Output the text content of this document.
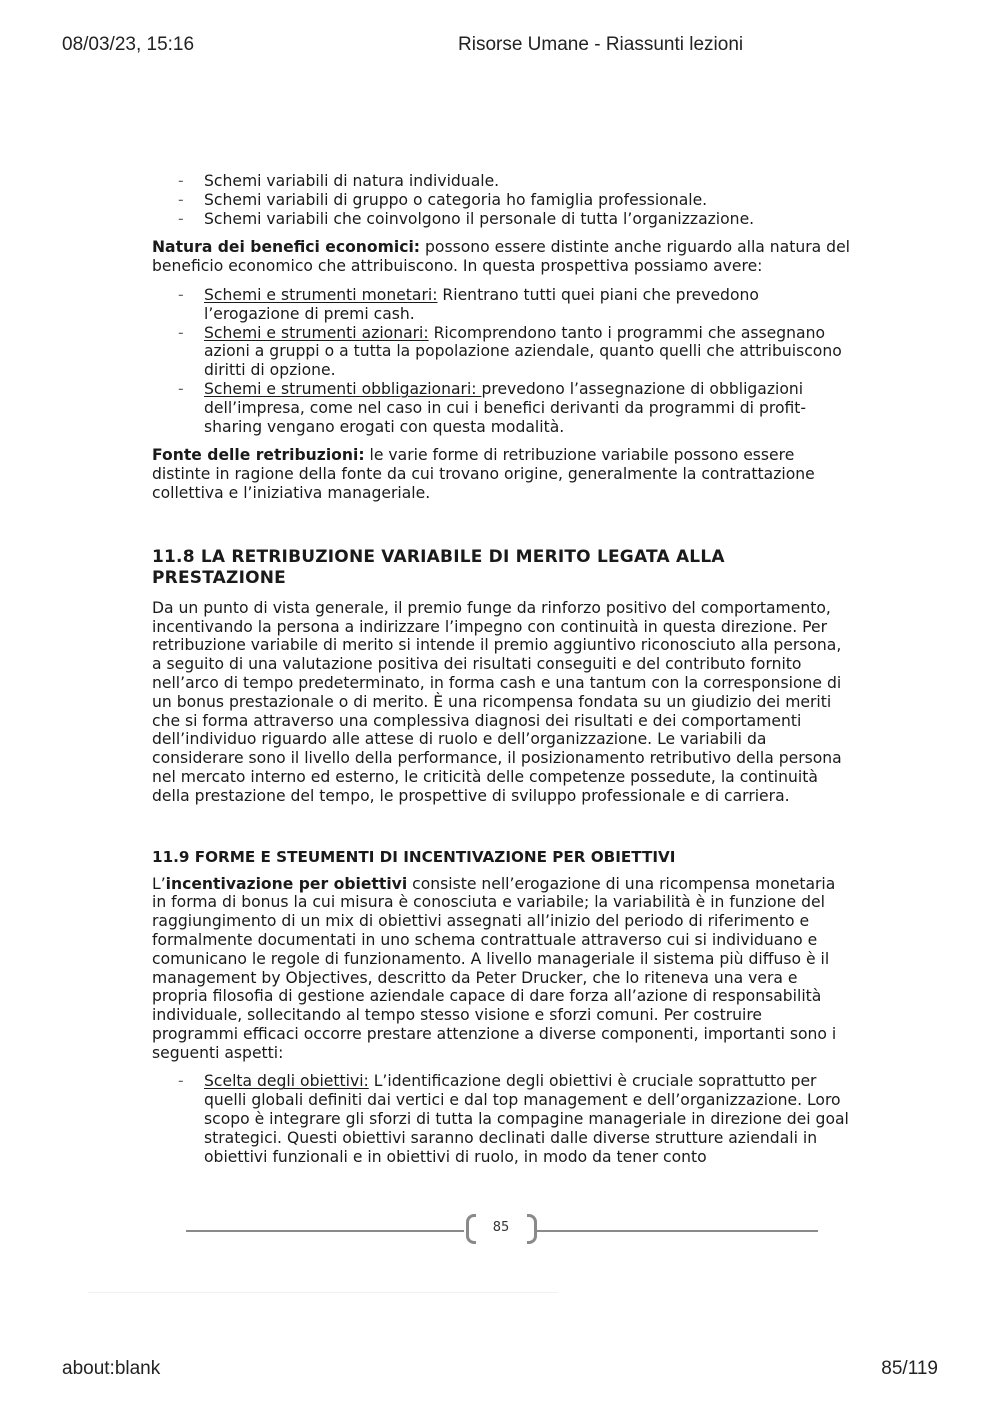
08/03/23, 15:16	Risorse Umane - Riassunti lezioni
- Schemi variabili di natura individuale.
- Schemi variabili di gruppo o categoria ho famiglia professionale.
- Schemi variabili che coinvolgono il personale di tutta l’organizzazione.

Natura dei benefici economici: possono essere distinte anche riguardo alla natura del beneficio economico che attribuiscono. In questa prospettiva possiamo avere:

- Schemi e strumenti monetari: Rientrano tutti quei piani che prevedono l’erogazione di premi cash.
- Schemi e strumenti azionari: Ricomprendono tanto i programmi che assegnano azioni a gruppi o a tutta la popolazione aziendale, quanto quelli che attribuiscono diritti di opzione.
- Schemi e strumenti obbligazionari: prevedono l’assegnazione di obbligazioni dell’impresa, come nel caso in cui i benefici derivanti da programmi di profit-sharing vengano erogati con questa modalità.

Fonte delle retribuzioni: le varie forme di retribuzione variabile possono essere distinte in ragione della fonte da cui trovano origine, generalmente la contrattazione collettiva e l’iniziativa manageriale.

11.8 LA RETRIBUZIONE VARIABILE DI MERITO LEGATA ALLA PRESTAZIONE

Da un punto di vista generale, il premio funge da rinforzo positivo del comportamento, incentivando la persona a indirizzare l’impegno con continuità in questa direzione. Per retribuzione variabile di merito si intende il premio aggiuntivo riconosciuto alla persona, a seguito di una valutazione positiva dei risultati conseguiti e del contributo fornito nell’arco di tempo predeterminato, in forma cash e una tantum con la corresponsione di un bonus prestazionale o di merito. È una ricompensa fondata su un giudizio dei meriti che si forma attraverso una complessiva diagnosi dei risultati e dei comportamenti dell’individuo riguardo alle attese di ruolo e dell’organizzazione. Le variabili da considerare sono il livello della performance, il posizionamento retributivo della persona nel mercato interno ed esterno, le criticità delle competenze possedute, la continuità della prestazione del tempo, le prospettive di sviluppo professionale e di carriera.

11.9 FORME E STEUMENTI DI INCENTIVAZIONE PER OBIETTIVI

L’incentivazione per obiettivi consiste nell’erogazione di una ricompensa monetaria in forma di bonus la cui misura è conosciuta e variabile; la variabilità è in funzione del raggiungimento di un mix di obiettivi assegnati all’inizio del periodo di riferimento e formalmente documentati in uno schema contrattuale attraverso cui si individuano e comunicano le regole di funzionamento. A livello manageriale il sistema più diffuso è il management by Objectives, descritto da Peter Drucker, che lo riteneva una vera e propria filosofia di gestione aziendale capace di dare forza all’azione di responsabilità individuale, sollecitando al tempo stesso visione e sforzi comuni. Per costruire programmi efficaci occorre prestare attenzione a diverse componenti, importanti sono i seguenti aspetti:

- Scelta degli obiettivi: L’identificazione degli obiettivi è cruciale soprattutto per quelli globali definiti dai vertici e dal top management e dell’organizzazione. Loro scopo è integrare gli sforzi di tutta la compagine manageriale in direzione dei goal strategici. Questi obiettivi saranno declinati dalle diverse strutture aziendali in obiettivi funzionali e in obiettivi di ruolo, in modo da tener conto
85
about:blank	85/119
